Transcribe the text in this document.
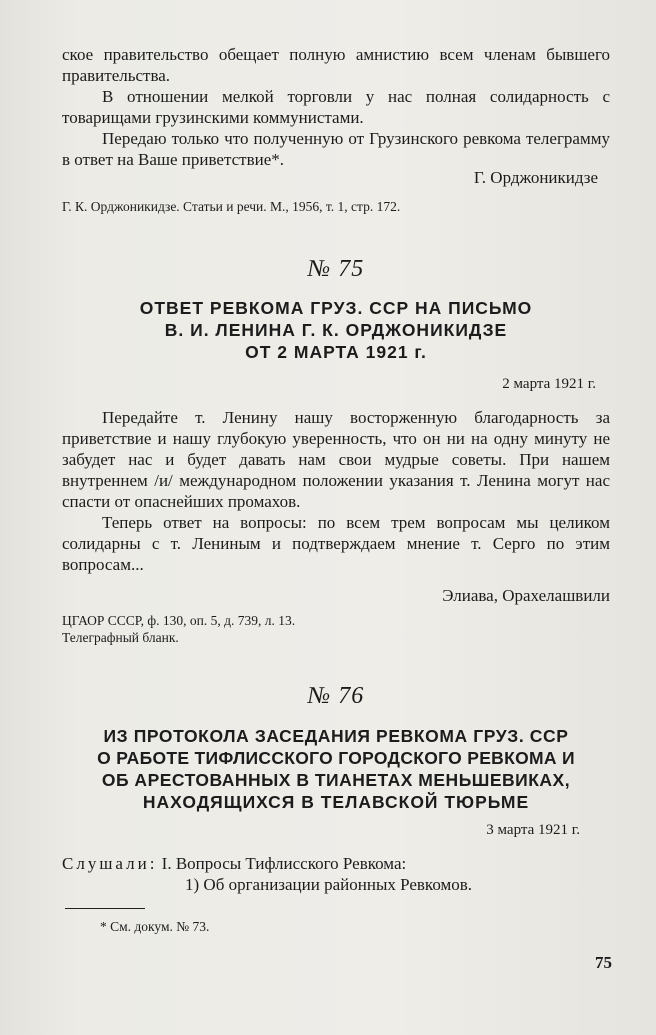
ское правительство обещает полную амнистию всем членам бывшего правительства.

В отношении мелкой торговли у нас полная солидарность с товарищами грузинскими коммунистами.

Передаю только что полученную от Грузинского ревкома телеграмму в ответ на Ваше приветствие*.

Г. Орджоникидзе
Г. К. Орджоникидзе. Статьи и речи. М., 1956, т. 1, стр. 172.
№ 75
ОТВЕТ РЕВКОМА ГРУЗ. ССР НА ПИСЬМО
В. И. ЛЕНИНА Г. К. ОРДЖОНИКИДЗЕ
ОТ 2 МАРТА 1921 г.
2 марта 1921 г.

Передайте т. Ленину нашу восторженную благодарность за приветствие и нашу глубокую уверенность, что он ни на одну минуту не забудет нас и будет давать нам свои мудрые советы. При нашем внутреннем /и/ международном положении указания т. Ленина могут нас спасти от опаснейших промахов.

Теперь ответ на вопросы: по всем трем вопросам мы целиком солидарны с т. Лениным и подтверждаем мнение т. Серго по этим вопросам...

Элиава, Орахелашвили
ЦГАОР СССР, ф. 130, оп. 5, д. 739, л. 13.
Телеграфный бланк.
№ 76
ИЗ ПРОТОКОЛА ЗАСЕДАНИЯ РЕВКОМА ГРУЗ. ССР
О РАБОТЕ ТИФЛИССКОГО ГОРОДСКОГО РЕВКОМА И
ОБ АРЕСТОВАННЫХ В ТИАНЕТАХ МЕНЬШЕВИКАХ,
НАХОДЯЩИХСЯ В ТЕЛАВСКОЙ ТЮРЬМЕ
3 марта 1921 г.
Слушали: I. Вопросы Тифлисского Ревкома:
1) Об организации районных Ревкомов.
* См. докум. № 73.
75
